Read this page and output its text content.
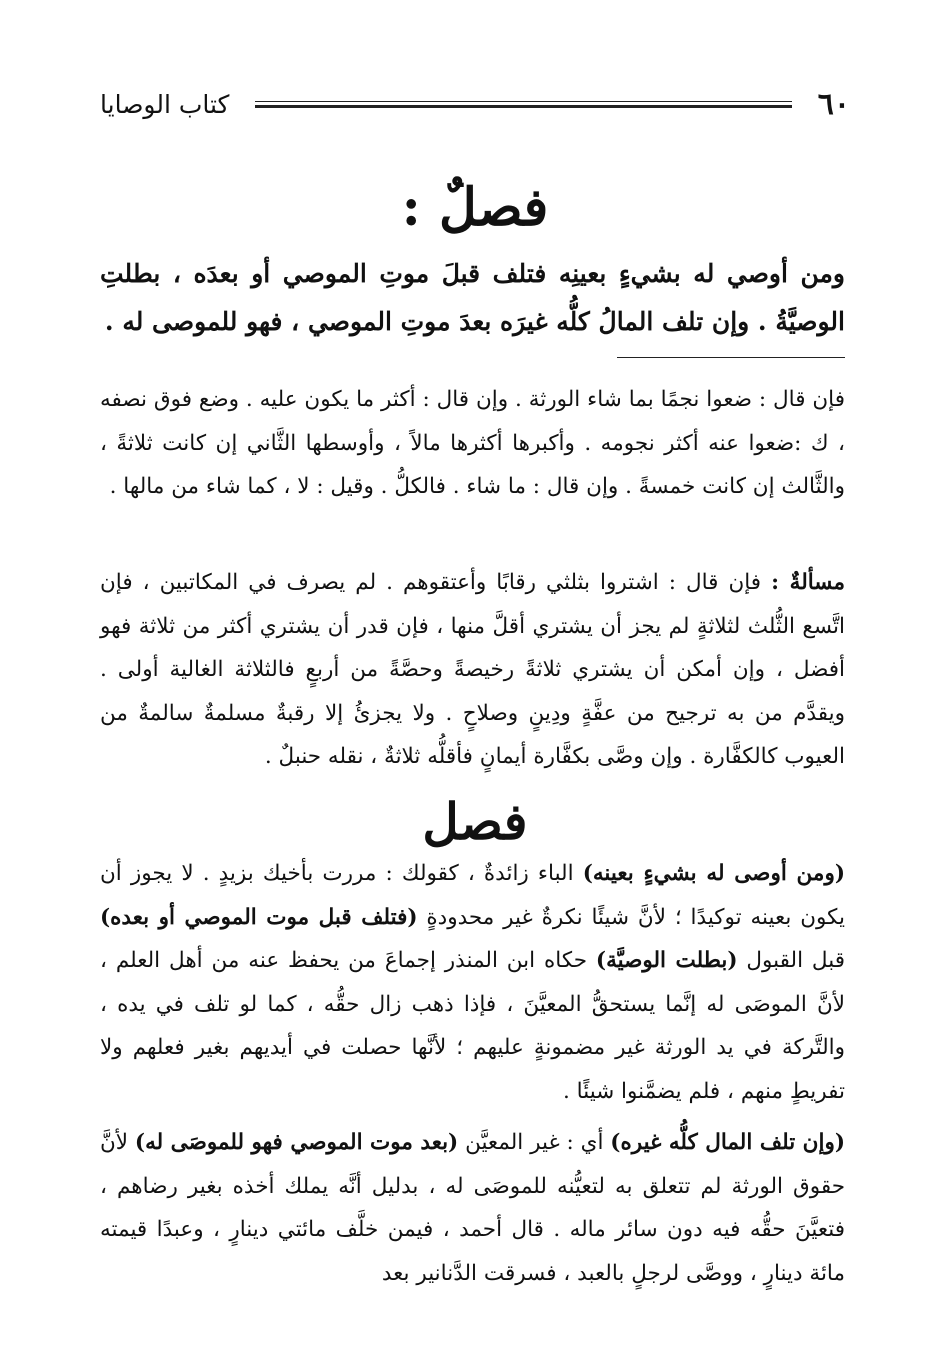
٦٠
كتاب الوصايا
فصلٌ :

ومن أوصي له بشيءٍ بعينِه فتلف قبلَ موتِ الموصي أو بعدَه ، بطلتِ الوصيَّةُ . وإن تلف المالُ كلُّه غيرَه بعدَ موتِ الموصي ، فهو للموصى له .

فإن قال : ضعوا نجمًا بما شاء الورثة . وإن قال : أكثر ما يكون عليه . وضع فوق نصفه ، ك :ضعوا عنه أكثر نجومه . وأكبرها أكثرها مالاً ، وأوسطها الثَّاني إن كانت ثلاثةً ، والثَّالث إن كانت خمسةً . وإن قال : ما شاء . فالكلُّ . وقيل : لا ، كما شاء من مالها .

مسألةٌ : فإن قال : اشتروا بثلثي رقابًا وأعتقوهم . لم يصرف في المكاتبين ، فإن اتَّسع الثُّلث لثلاثةٍ لم يجز أن يشتري أقلَّ منها ، فإن قدر أن يشتري أكثر من ثلاثة فهو أفضل ، وإن أمكن أن يشتري ثلاثةً رخيصةً وحصَّةً من أربعٍ فالثلاثة الغالية أولى . ويقدَّم من به ترجيح من عفَّةٍ ودِينٍ وصلاحٍ . ولا يجزئُ إلا رقبةٌ مسلمةٌ سالمةٌ من العيوب كالكفَّارة . وإن وصَّى بكفَّارة أيمانٍ فأقلُّه ثلاثةٌ ، نقله حنبلٌ .

فصل

(ومن أوصى له بشيءٍ بعينه) الباء زائدةٌ ، كقولك : مررت بأخيك بزيدٍ . لا يجوز أن يكون بعينه توكيدًا ؛ لأنَّ شيئًا نكرةٌ غير محدودةٍ (فتلف قبل موت الموصي أو بعده) قبل القبول (بطلت الوصيَّة) حكاه ابن المنذر إجماعَ من يحفظ عنه من أهل العلم ، لأنَّ الموصَى له إنَّما يستحقُّ المعيَّنَ ، فإذا ذهب زال حقُّه ، كما لو تلف في يده ، والتَّركة في يد الورثة غير مضمونةٍ عليهم ؛ لأنَّها حصلت في أيديهم بغير فعلهم ولا تفريطٍ منهم ، فلم يضمَّنوا شيئًا .

(وإن تلف المال كلُّه غيره) أي : غير المعيَّن (بعد موت الموصي فهو للموصَى له) لأنَّ حقوق الورثة لم تتعلق به لتعيُّنه للموصَى له ، بدليل أنَّه يملك أخذه بغير رضاهم ، فتعيَّنَ حقُّه فيه دون سائر ماله . قال أحمد ، فيمن خلَّف مائتي دينارٍ ، وعبدًا قيمته مائة دينارٍ ، ووصَّى لرجلٍ بالعبد ، فسرقت الدَّنانير بعد
